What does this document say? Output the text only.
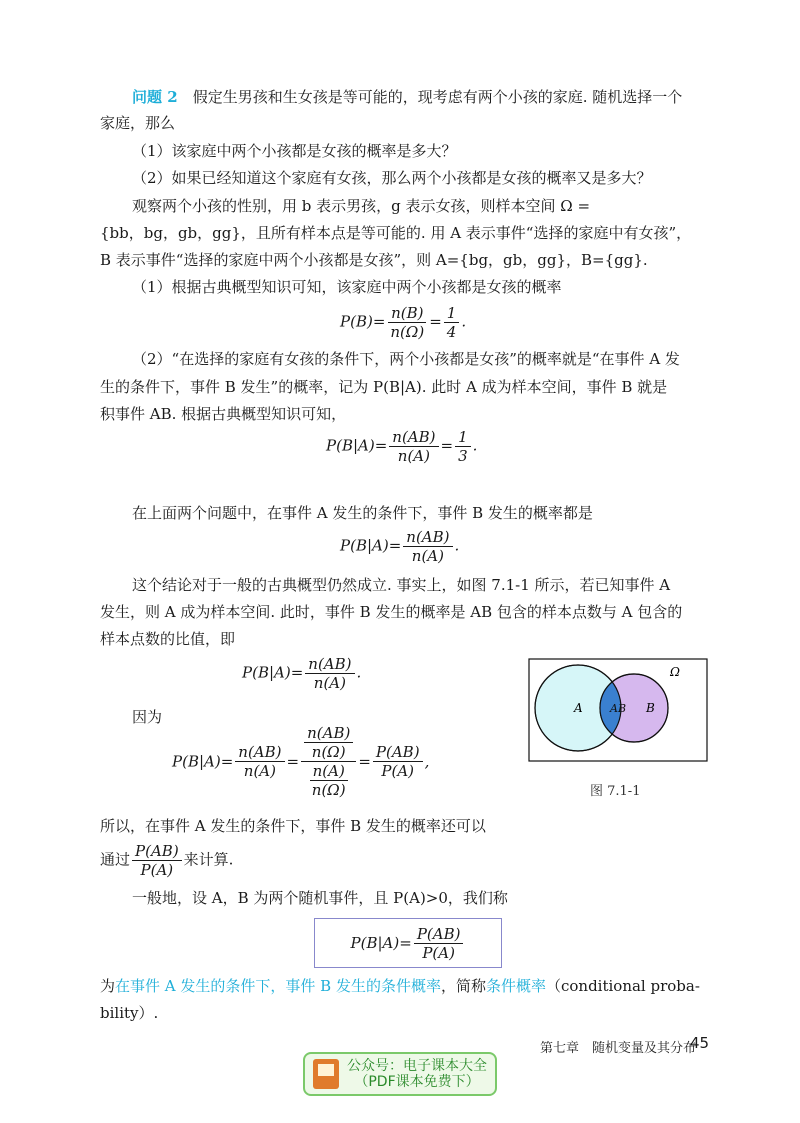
问题 2　 假定生男孩和生女孩是等可能的，现考虑有两个小孩的家庭. 随机选择一个
家庭，那么
（1）该家庭中两个小孩都是女孩的概率是多大？
（2）如果已经知道这个家庭有女孩，那么两个小孩都是女孩的概率又是多大？
观察两个小孩的性别，用 b 表示男孩，g 表示女孩，则样本空间 Ω =
{bb，bg，gb，gg}，且所有样本点是等可能的. 用 A 表示事件“选择的家庭中有女孩”，
B 表示事件“选择的家庭中两个小孩都是女孩”，则 A={bg，gb，gg}，B={gg}.
（1）根据古典概型知识可知，该家庭中两个小孩都是女孩的概率
$P(B)= \frac{n(B)}{n(\Omega)} = \frac{1}{4}$ .
（2）“在选择的家庭有女孩的条件下，两个小孩都是女孩”的概率就是“在事件 A 发
生的条件下，事件 B 发生”的概率，记为 P(B|A). 此时 A 成为样本空间，事件 B 就是
积事件 AB. 根据古典概型知识可知，
$P(B|A)= \frac{n(AB)}{n(A)} = \frac{1}{3}$ .
在上面两个问题中，在事件 A 发生的条件下，事件 B 发生的概率都是
$P(B|A)= \frac{n(AB)}{n(A)}$ .
这个结论对于一般的古典概型仍然成立. 事实上，如图 7.1-1 所示，若已知事件 A
发生，则 A 成为样本空间. 此时，事件 B 发生的概率是 AB 包含的样本点数与 A 包含的
样本点数的比值，即
$P(B|A)= \frac{n(AB)}{n(A)}$ .
因为
$P(B|A)= \frac{n(AB)}{n(A)} = \frac{\frac{n(AB)}{n(\Omega)}}{\frac{n(A)}{n(\Omega)}} = \frac{P(AB)}{P(A)}$ ,
所以，在事件 A 发生的条件下，事件 B 发生的概率还可以
通过 $\frac{P(AB)}{P(A)}$ 来计算.
一般地，设 A，B 为两个随机事件，且 P(A)>0，我们称
$P(B|A)= \frac{P(AB)}{P(A)}$
为在事件 A 发生的条件下，事件 B 发生的条件概率，简称条件概率（conditional proba-
bility）.
Ω
A AB B
图 7.1-1
第七章　随机变量及其分布
45
公众号：电子课本大全
（PDF课本免费下）
